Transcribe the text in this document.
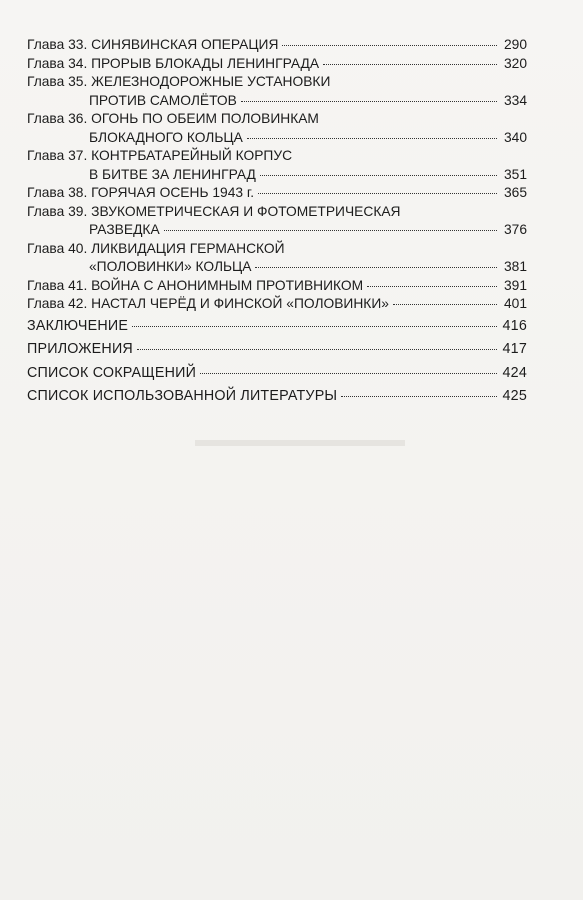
Глава 33. СИНЯВИНСКАЯ ОПЕРАЦИЯ	290
Глава 34. ПРОРЫВ БЛОКАДЫ ЛЕНИНГРАДА	320
Глава 35. ЖЕЛЕЗНОДОРОЖНЫЕ УСТАНОВКИ
ПРОТИВ САМОЛЁТОВ	334
Глава 36. ОГОНЬ ПО ОБЕИМ ПОЛОВИНКАМ
БЛОКАДНОГО КОЛЬЦА	340
Глава 37. КОНТРБАТАРЕЙНЫЙ КОРПУС
В БИТВЕ ЗА ЛЕНИНГРАД	351
Глава 38. ГОРЯЧАЯ ОСЕНЬ 1943 г.	365
Глава 39. ЗВУКОМЕТРИЧЕСКАЯ И ФОТОМЕТРИЧЕСКАЯ
РАЗВЕДКА	376
Глава 40. ЛИКВИДАЦИЯ ГЕРМАНСКОЙ
«ПОЛОВИНКИ» КОЛЬЦА	381
Глава 41. ВОЙНА С АНОНИМНЫМ ПРОТИВНИКОМ	391
Глава 42. НАСТАЛ ЧЕРЁД И ФИНСКОЙ «ПОЛОВИНКИ»	401
ЗАКЛЮЧЕНИЕ	416
ПРИЛОЖЕНИЯ	417
СПИСОК СОКРАЩЕНИЙ	424
СПИСОК ИСПОЛЬЗОВАННОЙ ЛИТЕРАТУРЫ	425
